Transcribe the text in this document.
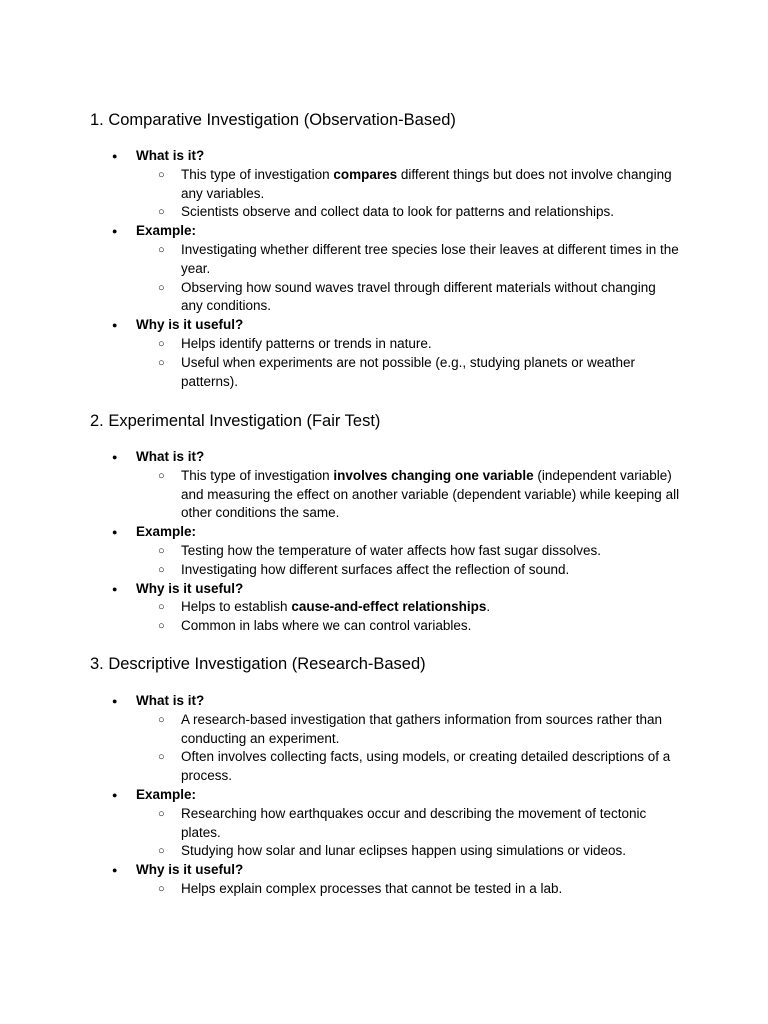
1. Comparative Investigation (Observation-Based)
● What is it?
○ This type of investigation compares different things but does not involve changing any variables.
○ Scientists observe and collect data to look for patterns and relationships.
● Example:
○ Investigating whether different tree species lose their leaves at different times in the year.
○ Observing how sound waves travel through different materials without changing any conditions.
● Why is it useful?
○ Helps identify patterns or trends in nature.
○ Useful when experiments are not possible (e.g., studying planets or weather patterns).
2. Experimental Investigation (Fair Test)
● What is it?
○ This type of investigation involves changing one variable (independent variable) and measuring the effect on another variable (dependent variable) while keeping all other conditions the same.
● Example:
○ Testing how the temperature of water affects how fast sugar dissolves.
○ Investigating how different surfaces affect the reflection of sound.
● Why is it useful?
○ Helps to establish cause-and-effect relationships.
○ Common in labs where we can control variables.
3. Descriptive Investigation (Research-Based)
● What is it?
○ A research-based investigation that gathers information from sources rather than conducting an experiment.
○ Often involves collecting facts, using models, or creating detailed descriptions of a process.
● Example:
○ Researching how earthquakes occur and describing the movement of tectonic plates.
○ Studying how solar and lunar eclipses happen using simulations or videos.
● Why is it useful?
○ Helps explain complex processes that cannot be tested in a lab.
